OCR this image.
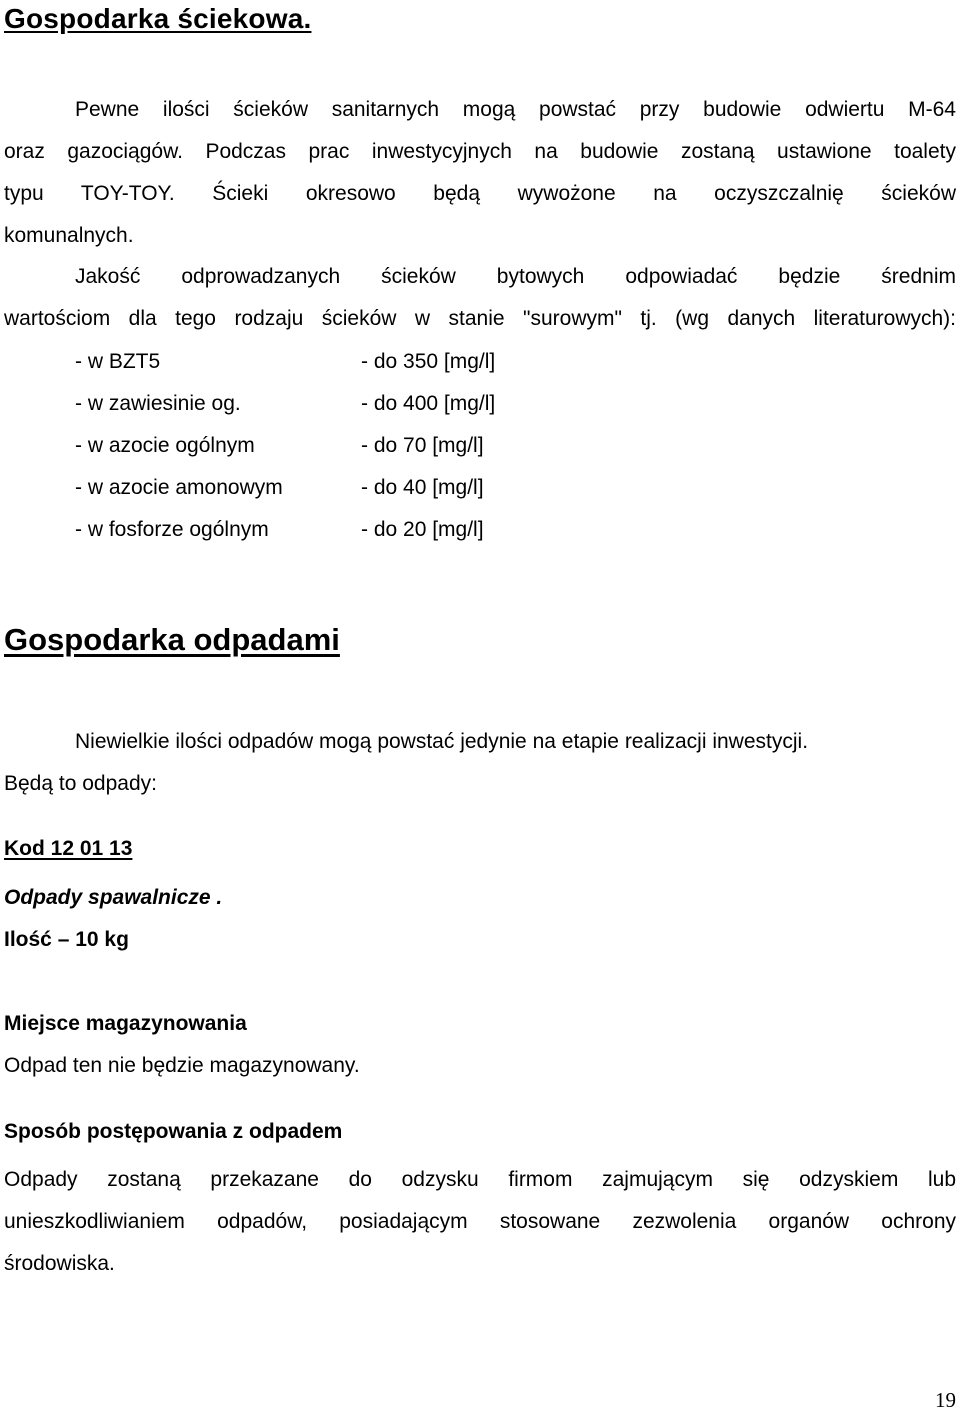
Gospodarka ściekowa.
Pewne ilości ścieków sanitarnych mogą powstać przy budowie odwiertu M-64
oraz gazociągów. Podczas prac inwestycyjnych na budowie zostaną ustawione toalety
typu TOY-TOY. Ścieki okresowo będą wywożone na oczyszczalnię ścieków
komunalnych.
Jakość odprowadzanych ścieków bytowych odpowiadać będzie średnim
wartościom dla tego rodzaju ścieków w stanie "surowym" tj. (wg danych literaturowych):
- w BZT5	- do 350 [mg/l]
- w zawiesinie og.	- do 400 [mg/l]
- w azocie ogólnym	- do 70 [mg/l]
- w azocie amonowym	- do 40 [mg/l]
- w fosforze ogólnym	- do 20 [mg/l]
Gospodarka odpadami
Niewielkie ilości odpadów mogą powstać jedynie na etapie realizacji inwestycji.
Będą to odpady:
Kod 12 01 13
Odpady spawalnicze .
Ilość – 10 kg
Miejsce magazynowania
Odpad ten nie będzie magazynowany.
Sposób postępowania z odpadem
Odpady zostaną przekazane do odzysku firmom zajmującym się odzyskiem lub
unieszkodliwianiem odpadów, posiadającym stosowane zezwolenia organów ochrony
środowiska.
19
